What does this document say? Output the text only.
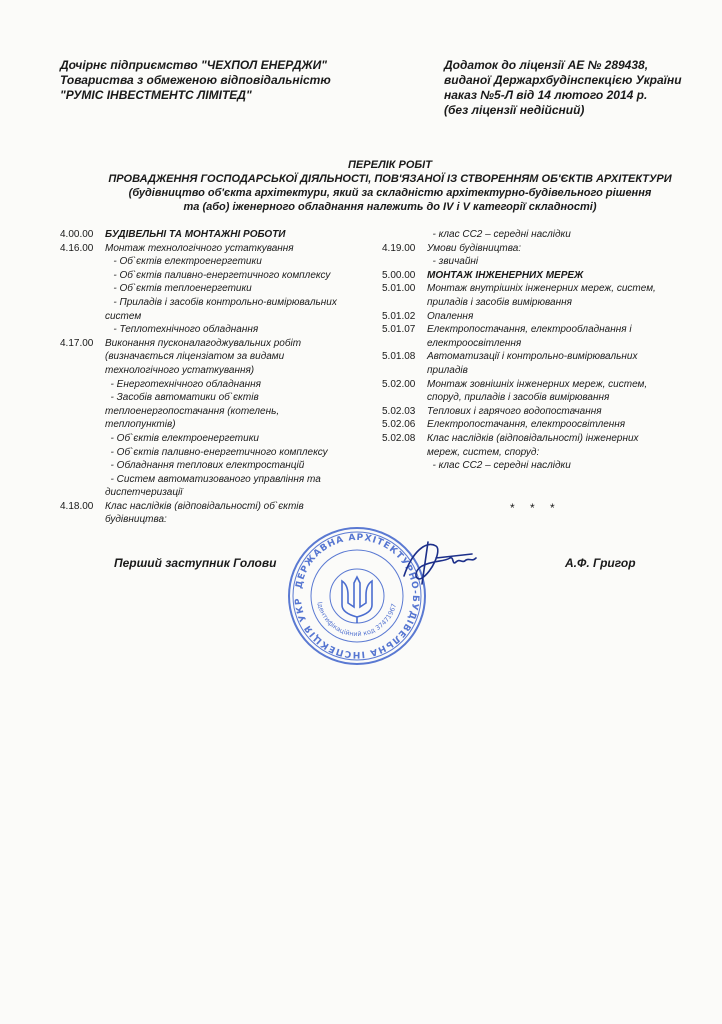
Дочірнє підприємство "ЧЕХПОЛ ЕНЕРДЖИ"
Товариства з обмеженою відповідальністю
"РУМІС ІНВЕСТМЕНТС ЛІМІТЕД"
Додаток до ліцензії АЕ № 289438,
виданої Держархбудінспекцією України
наказ №5-Л від 14 лютого 2014 р.
(без ліцензії недійсний)
ПЕРЕЛІК РОБІТ
ПРОВАДЖЕННЯ ГОСПОДАРСЬКОЇ ДІЯЛЬНОСТІ, ПОВ'ЯЗАНОЇ ІЗ СТВОРЕННЯМ ОБ'ЄКТІВ АРХІТЕКТУРИ
(будівництво об'єкта архітектури, який за складністю архітектурно-будівельного рішення
та (або) іженерного обладнання належить до IV і V категорії складності)
4.00.00	БУДІВЕЛЬНІ ТА МОНТАЖНІ РОБОТИ
4.16.00	Монтаж технологічного устаткування
- Об`єктів електроенергетики
- Об`єктів паливно-енергетичного комплексу
- Об`єктів теплоенергетики
- Приладів і засобів контрольно-вимірювальних
систем
- Теплотехнічного обладнання
4.17.00	Виконання пусконалагоджувальних робіт
(визначається ліцензіатом за видами
технологічного устаткування)
- Енерготехнічного обладнання
- Засобів автоматики об`єктів
теплоенергопостачання (котелень,
теплопунктів)
- Об`єктів електроенергетики
- Об`єктів паливно-енергетичного комплексу
- Обладнання теплових електростанцій
- Систем автоматизованого управління та
диспетчеризації
4.18.00	Клас наслідків (відповідальності) об`єктів
будівництва:
- клас СС2 – середні наслідки
4.19.00	Умови будівництва:
- звичайні
5.00.00	МОНТАЖ ІНЖЕНЕРНИХ МЕРЕЖ
5.01.00	Монтаж внутрішніх інженерних мереж, систем,
приладів і засобів вимірювання
5.01.02	Опалення
5.01.07	Електропостачання, електрообладнання і
електроосвітлення
5.01.08	Автоматизації і контрольно-вимірювальних
приладів
5.02.00	Монтаж зовнішніх інженерних мереж, систем,
споруд, приладів і засобів вимірювання
5.02.03	Теплових і гарячого водопостачання
5.02.06	Електропостачання, електроосвітлення
5.02.08	Клас наслідків (відповідальності) інженерних
мереж, систем, споруд:
- клас СС2 – середні наслідки
* * *
Перший заступник Голови	А.Ф. Григор
ДЕРЖАВНА АРХІТЕКТУРНО-БУДІВЕЛЬНА ІНСПЕКЦІЯ УКР	Ідентифікаційний код 37471967
